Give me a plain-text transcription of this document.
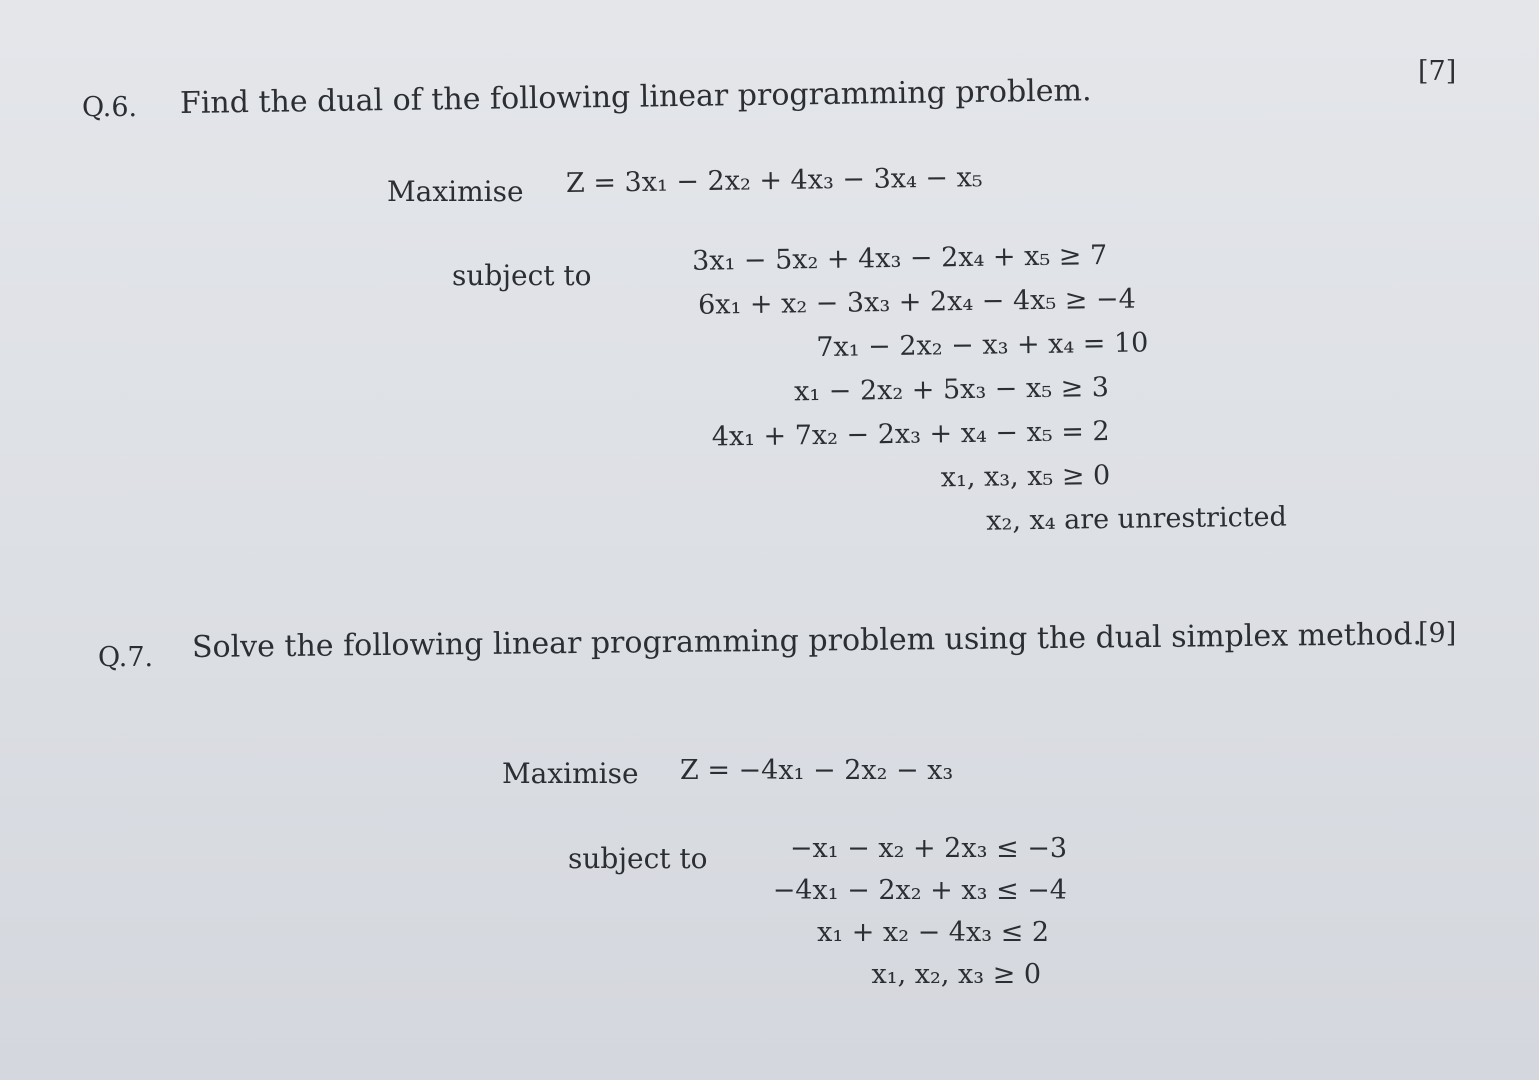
Q.6. Find the dual of the following linear programming problem.
[7]
Maximise Z = 3x₁ − 2x₂ + 4x₃ − 3x₄ − x₅
subject to	3x₁ − 5x₂ + 4x₃ − 2x₄ + x₅ ≥ 7
6x₁ + x₂ − 3x₃ + 2x₄ − 4x₅ ≥ −4
7x₁ − 2x₂ − x₃ + x₄ = 10
x₁ − 2x₂ + 5x₃ − x₅ ≥ 3
4x₁ + 7x₂ − 2x₃ + x₄ − x₅ = 2
x₁, x₃, x₅ ≥ 0
x₂, x₄ are unrestricted
Q.7. Solve the following linear programming problem using the dual simplex method.
[9]
Maximise Z = −4x₁ − 2x₂ − x₃
subject to	−x₁ − x₂ + 2x₃ ≤ −3
−4x₁ − 2x₂ + x₃ ≤ −4
x₁ + x₂ − 4x₃ ≤ 2
x₁, x₂, x₃ ≥ 0
